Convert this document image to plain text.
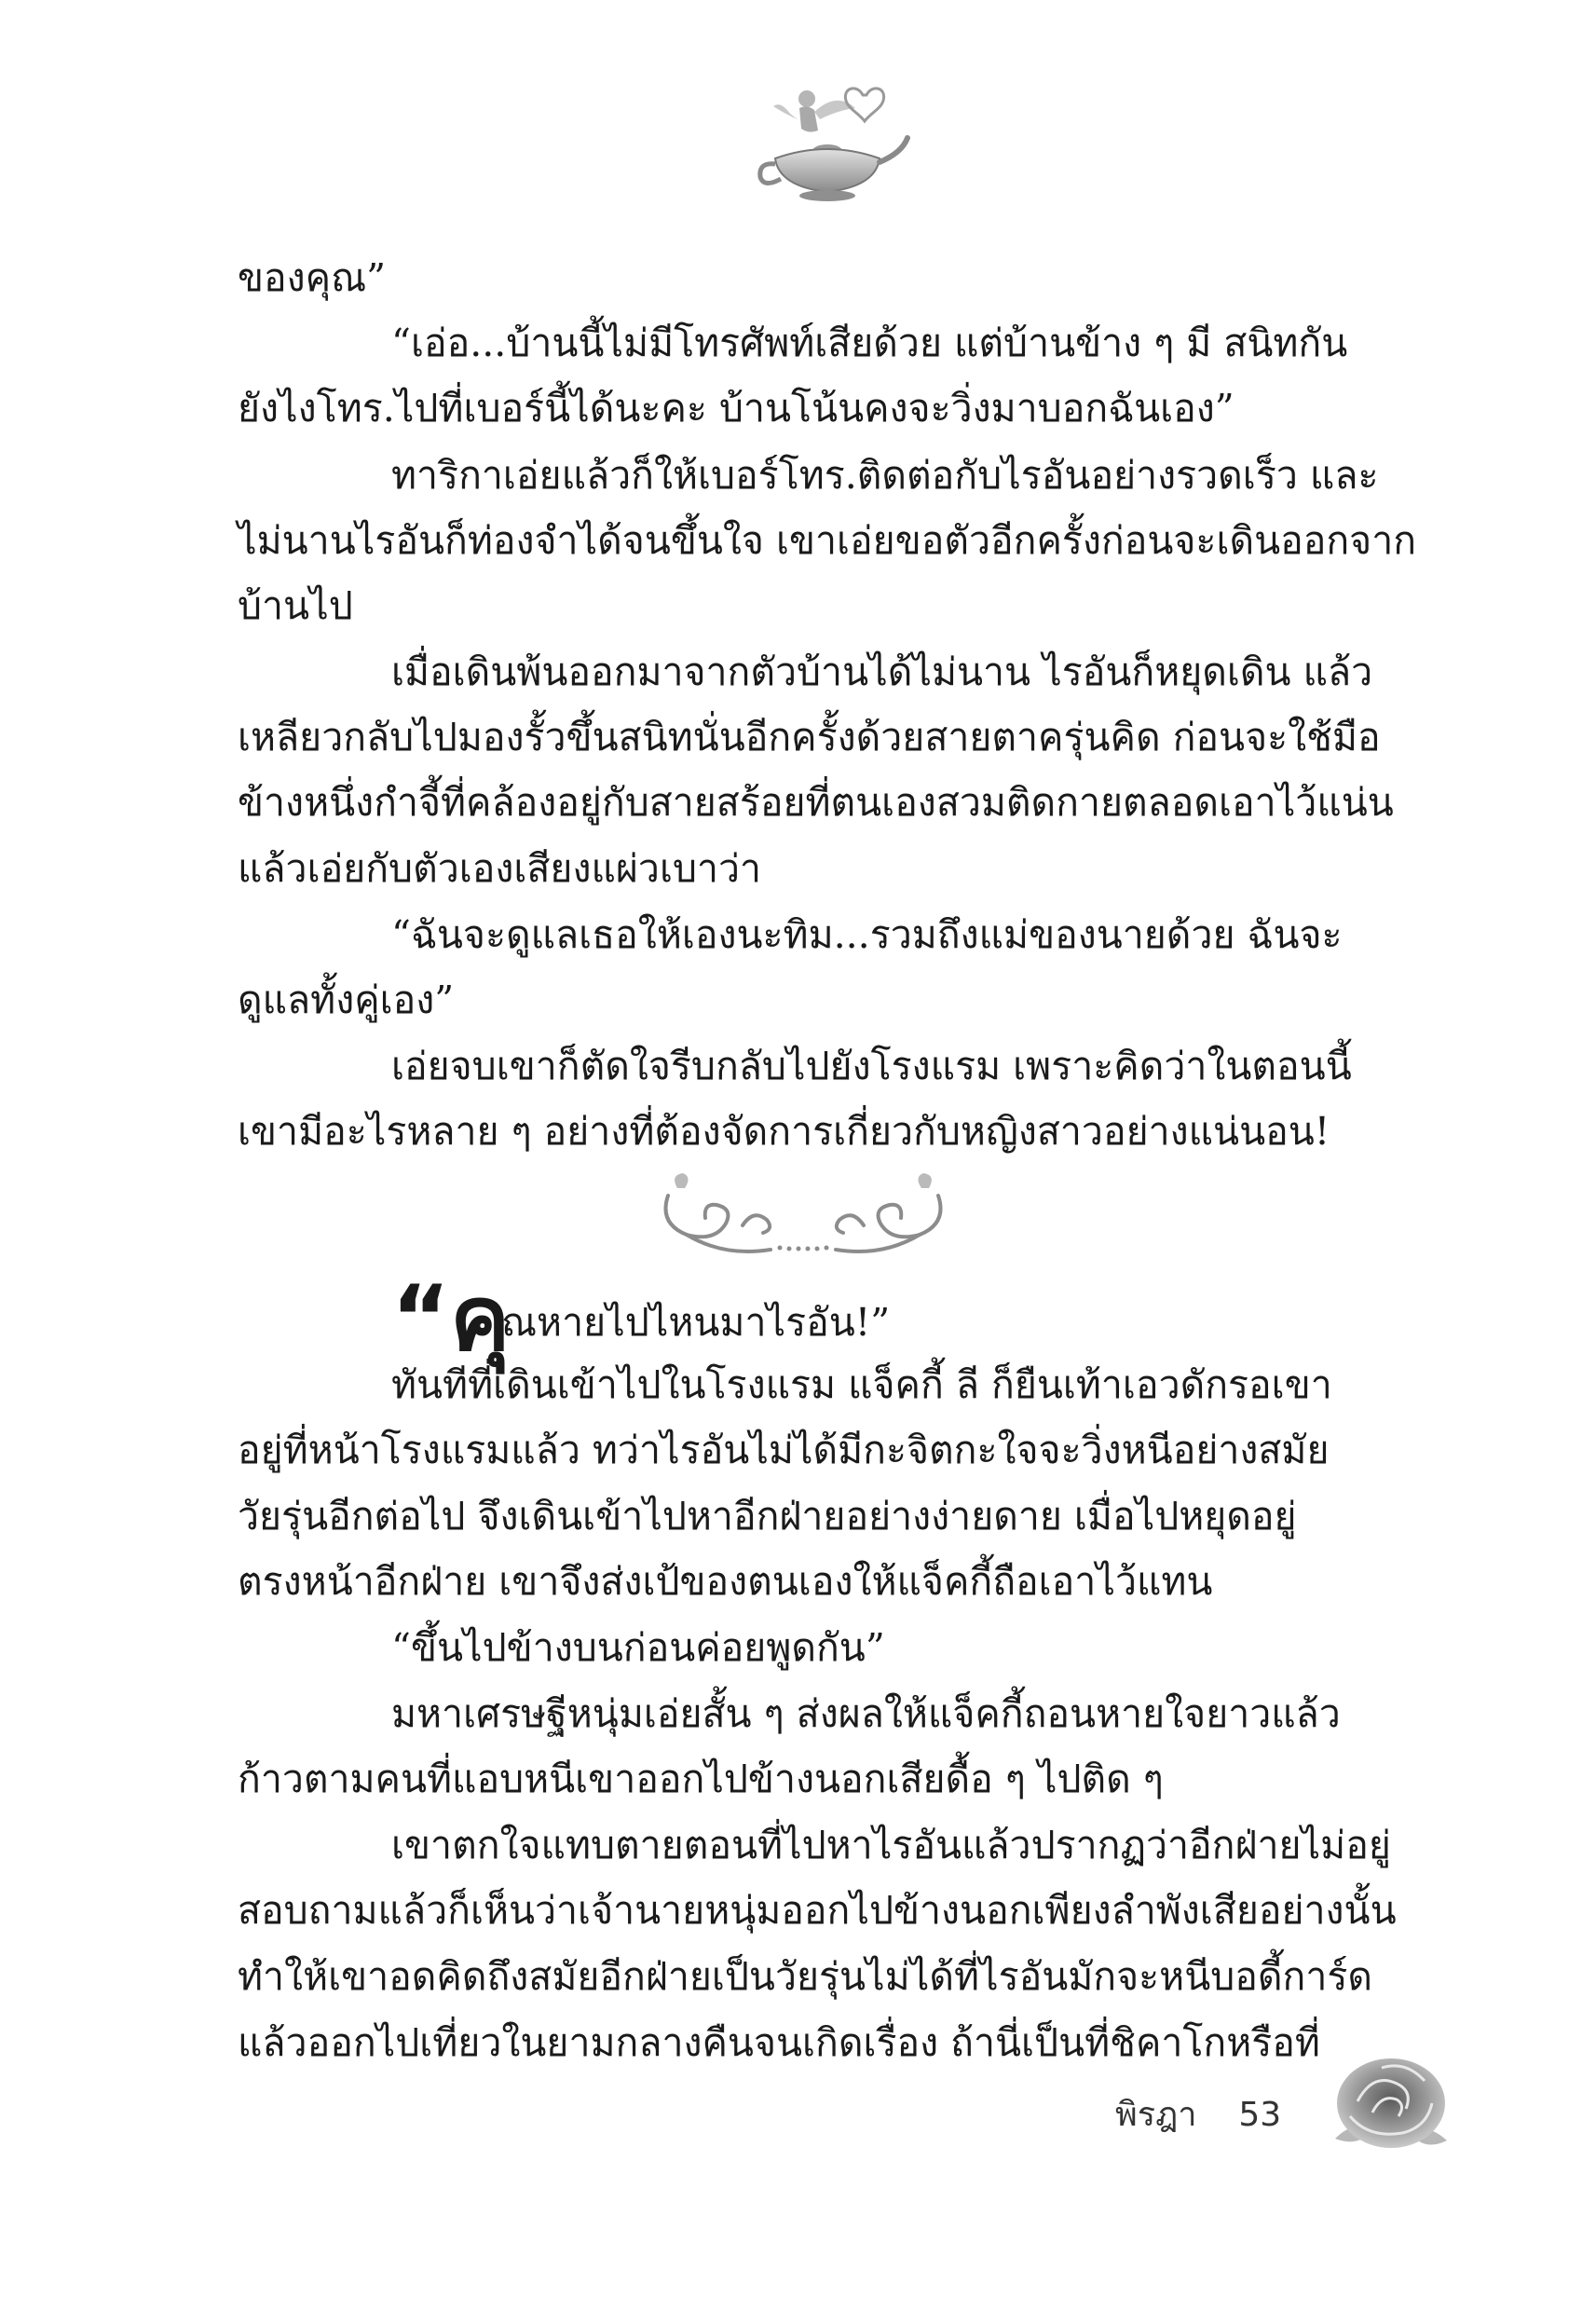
ของคุณ”
“เอ่อ...บ้านนี้ไม่มีโทรศัพท์เสียด้วย แต่บ้านข้าง ๆ มี สนิทกัน
ยังไงโทร.ไปที่เบอร์นี้ได้นะคะ บ้านโน้นคงจะวิ่งมาบอกฉันเอง”
ทาริกาเอ่ยแล้วก็ให้เบอร์โทร.ติดต่อกับไรอันอย่างรวดเร็ว และ
ไม่นานไรอันก็ท่องจำได้จนขึ้นใจ เขาเอ่ยขอตัวอีกครั้งก่อนจะเดินออกจาก
บ้านไป
เมื่อเดินพ้นออกมาจากตัวบ้านได้ไม่นาน ไรอันก็หยุดเดิน แล้ว
เหลียวกลับไปมองรั้วขึ้นสนิทนั่นอีกครั้งด้วยสายตาครุ่นคิด ก่อนจะใช้มือ
ข้างหนึ่งกำจี้ที่คล้องอยู่กับสายสร้อยที่ตนเองสวมติดกายตลอดเอาไว้แน่น
แล้วเอ่ยกับตัวเองเสียงแผ่วเบาว่า
“ฉันจะดูแลเธอให้เองนะทิม...รวมถึงแม่ของนายด้วย ฉันจะ
ดูแลทั้งคู่เอง”
เอ่ยจบเขาก็ตัดใจรีบกลับไปยังโรงแรม เพราะคิดว่าในตอนนี้
เขามีอะไรหลาย ๆ อย่างที่ต้องจัดการเกี่ยวกับหญิงสาวอย่างแน่นอน!
“คุ
ณหายไปไหนมาไรอัน!”
ทันทีที่เดินเข้าไปในโรงแรม แจ็คกี้ ลี ก็ยืนเท้าเอวดักรอเขา
อยู่ที่หน้าโรงแรมแล้ว ทว่าไรอันไม่ได้มีกะจิตกะใจจะวิ่งหนีอย่างสมัย
วัยรุ่นอีกต่อไป จึงเดินเข้าไปหาอีกฝ่ายอย่างง่ายดาย เมื่อไปหยุดอยู่
ตรงหน้าอีกฝ่าย เขาจึงส่งเป้ของตนเองให้แจ็คกี้ถือเอาไว้แทน
“ขึ้นไปข้างบนก่อนค่อยพูดกัน”
มหาเศรษฐีหนุ่มเอ่ยสั้น ๆ ส่งผลให้แจ็คกี้ถอนหายใจยาวแล้ว
ก้าวตามคนที่แอบหนีเขาออกไปข้างนอกเสียดื้อ ๆ ไปติด ๆ
เขาตกใจแทบตายตอนที่ไปหาไรอันแล้วปรากฏว่าอีกฝ่ายไม่อยู่
สอบถามแล้วก็เห็นว่าเจ้านายหนุ่มออกไปข้างนอกเพียงลำพังเสียอย่างนั้น
ทำให้เขาอดคิดถึงสมัยอีกฝ่ายเป็นวัยรุ่นไม่ได้ที่ไรอันมักจะหนีบอดี้การ์ด
แล้วออกไปเที่ยวในยามกลางคืนจนเกิดเรื่อง ถ้านี่เป็นที่ชิคาโกหรือที่
พิรฎา 53
